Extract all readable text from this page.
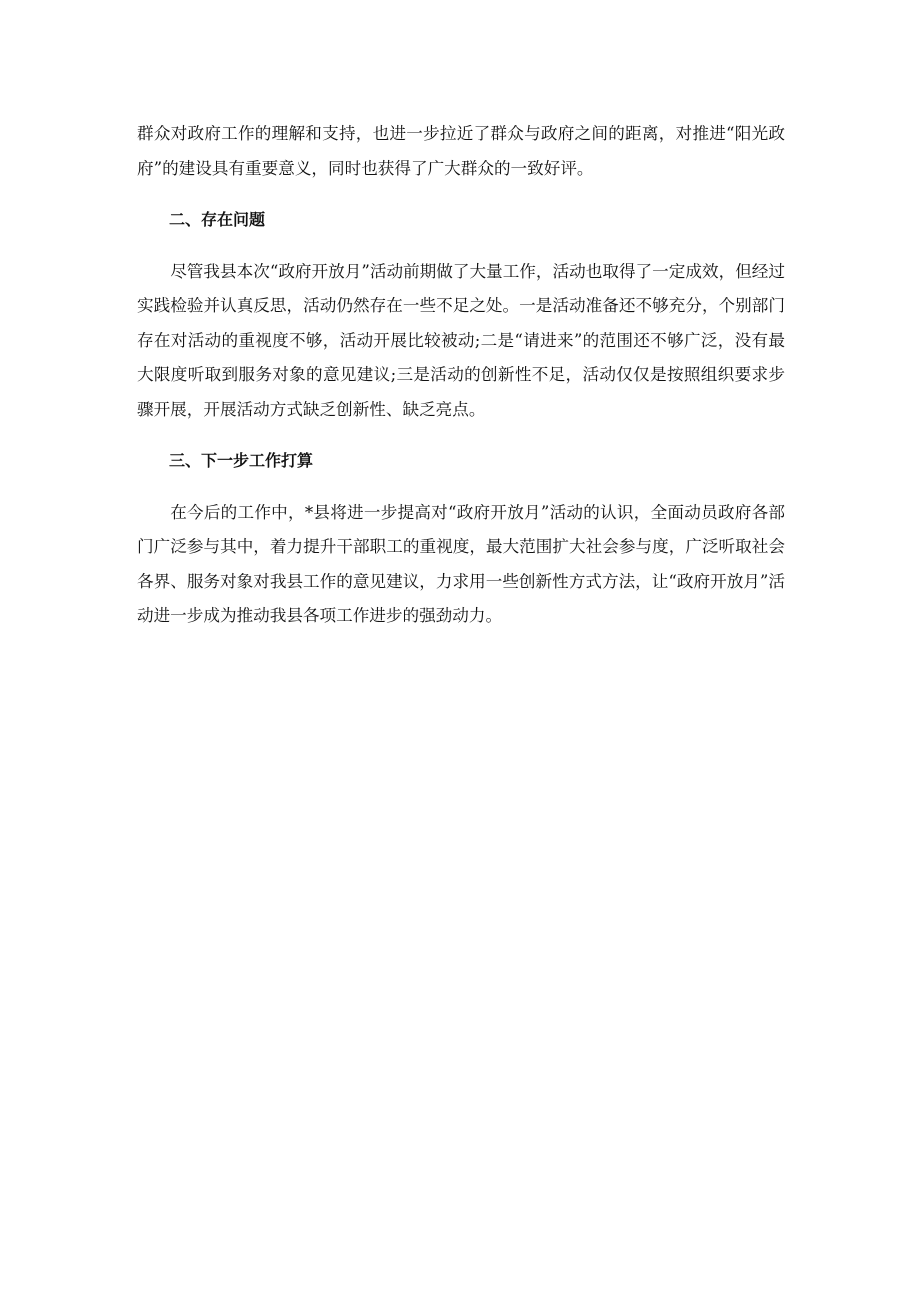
群众对政府工作的理解和支持，也进一步拉近了群众与政府之间的距离，对推进“阳光政府”的建设具有重要意义，同时也获得了广大群众的一致好评。

二、存在问题

尽管我县本次“政府开放月”活动前期做了大量工作，活动也取得了一定成效，但经过实践检验并认真反思，活动仍然存在一些不足之处。一是活动准备还不够充分，个别部门存在对活动的重视度不够，活动开展比较被动;二是“请进来”的范围还不够广泛，没有最大限度听取到服务对象的意见建议;三是活动的创新性不足，活动仅仅是按照组织要求步骤开展，开展活动方式缺乏创新性、缺乏亮点。

三、下一步工作打算

在今后的工作中，*县将进一步提高对“政府开放月”活动的认识，全面动员政府各部门广泛参与其中，着力提升干部职工的重视度，最大范围扩大社会参与度，广泛听取社会各界、服务对象对我县工作的意见建议，力求用一些创新性方式方法，让“政府开放月”活动进一步成为推动我县各项工作进步的强劲动力。
